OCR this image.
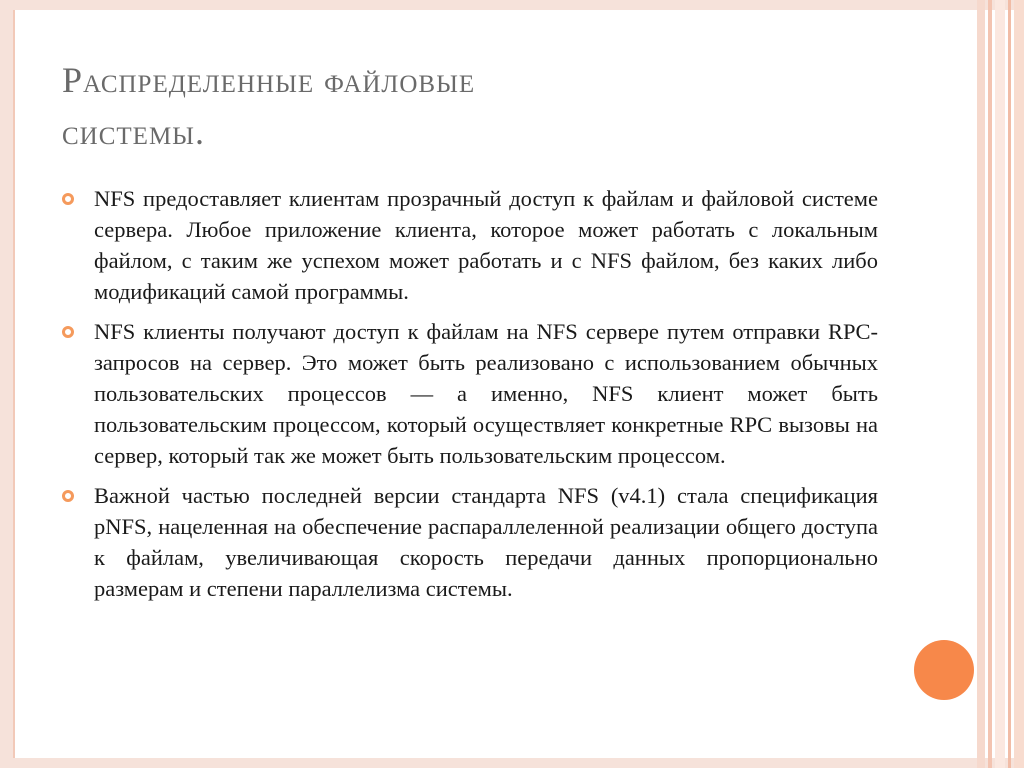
Распределенные файловые
системы.
NFS предоставляет клиентам прозрачный доступ к файлам и файловой системе сервера. Любое приложение клиента, которое может работать с локальным файлом, с таким же успехом может работать и с NFS файлом, без каких либо модификаций самой программы.
NFS клиенты получают доступ к файлам на NFS сервере путем отправки RPC-запросов на сервер. Это может быть реализовано с использованием обычных пользовательских процессов — а именно, NFS клиент может быть пользовательским процессом, который осуществляет конкретные RPC вызовы на сервер, который так же может быть пользовательским процессом.
Важной частью последней версии стандарта NFS (v4.1) стала спецификация pNFS, нацеленная на обеспечение распараллеленной реализации общего доступа к файлам, увеличивающая скорость передачи данных пропорционально размерам и степени параллелизма системы.
